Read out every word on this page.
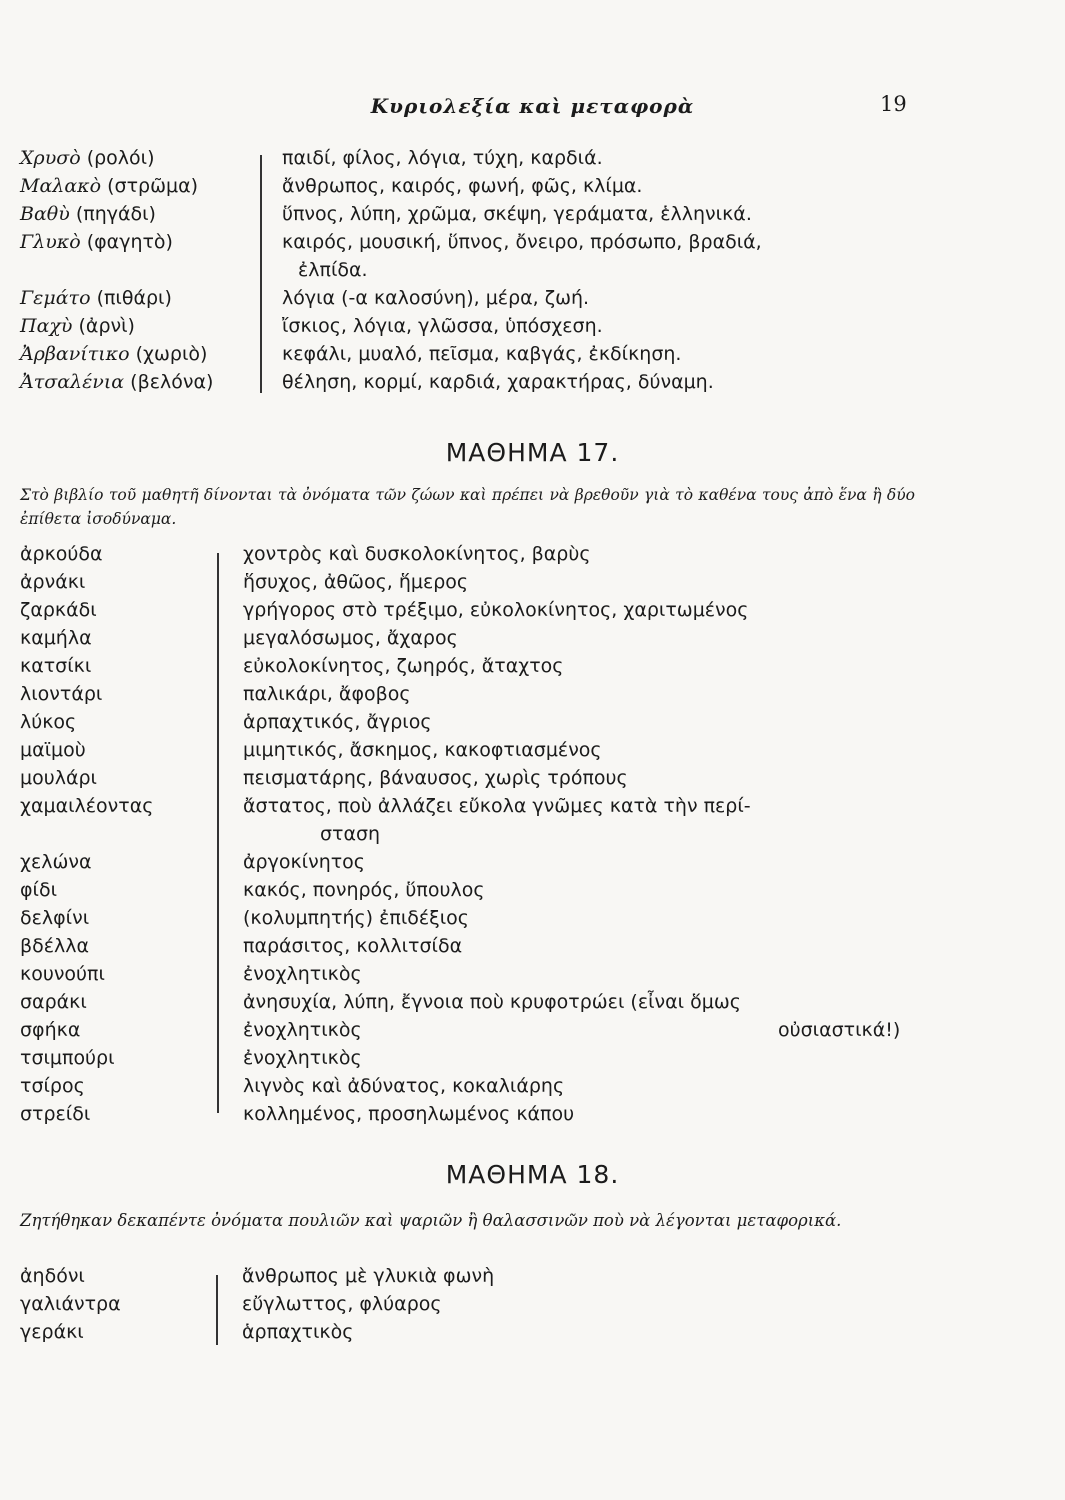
Κυριολεξία καὶ μεταφορὰ	19
Χρυσὸ (ρολόι)	παιδί, φίλος, λόγια, τύχη, καρδιά.
Μαλακὸ (στρῶμα)	ἄνθρωπος, καιρός, φωνή, φῶς, κλίμα.
Βαθὺ (πηγάδι)	ὕπνος, λύπη, χρῶμα, σκέψη, γεράματα, ἑλληνικά.
Γλυκὸ (φαγητὸ)	καιρός, μουσική, ὕπνος, ὄνειρο, πρόσωπο, βραδιά,
ἐλπίδα.
Γεμάτο (πιθάρι)	λόγια (-α καλοσύνη), μέρα, ζωή.
Παχὺ (ἀρνὶ)	ἴσκιος, λόγια, γλῶσσα, ὑπόσχεση.
Ἀρβανίτικο (χωριὸ)	κεφάλι, μυαλό, πεῖσμα, καβγάς, ἐκδίκηση.
Ἀτσαλένια (βελόνα)	θέληση, κορμί, καρδιά, χαρακτήρας, δύναμη.
ΜΑΘΗΜΑ 17.
Στὸ βιβλίο τοῦ μαθητῆ δίνονται τὰ ὀνόματα τῶν ζώων καὶ πρέπει νὰ βρεθοῦν γιὰ τὸ καθένα τους ἀπὸ ἕνα ἢ δύο ἐπίθετα ἰσοδύναμα.
ἀρκούδα	χοντρὸς καὶ δυσκολοκίνητος, βαρὺς
ἀρνάκι	ἥσυχος, ἀθῶος, ἥμερος
ζαρκάδι	γρήγορος στὸ τρέξιμο, εὐκολοκίνητος, χαριτωμένος
καμήλα	μεγαλόσωμος, ἄχαρος
κατσίκι	εὐκολοκίνητος, ζωηρός, ἄταχτος
λιοντάρι	παλικάρι, ἄφοβος
λύκος	ἁρπαχτικός, ἄγριος
μαϊμοὺ	μιμητικός, ἄσκημος, κακοφτιασμένος
μουλάρι	πεισματάρης, βάναυσος, χωρὶς τρόπους
χαμαιλέοντας	ἄστατος, ποὺ ἀλλάζει εὔκολα γνῶμες κατὰ τὴν περί-
σταση
χελώνα	ἀργοκίνητος
φίδι	κακός, πονηρός, ὕπουλος
δελφίνι	(κολυμπητής) ἐπιδέξιος
βδέλλα	παράσιτος, κολλιτσίδα
κουνούπι	ἐνοχλητικὸς
σαράκι	ἀνησυχία, λύπη, ἔγνοια ποὺ κρυφοτρώει (εἶναι ὅμως
σφήκα	ἐνοχλητικὸς	οὐσιαστικά!)
τσιμπούρι	ἐνοχλητικὸς
τσίρος	λιγνὸς καὶ ἀδύνατος, κοκαλιάρης
στρείδι	κολλημένος, προσηλωμένος κάπου
ΜΑΘΗΜΑ 18.
Ζητήθηκαν δεκαπέντε ὀνόματα πουλιῶν καὶ ψαριῶν ἢ θαλασσινῶν ποὺ νὰ λέγονται μεταφορικά.
ἀηδόνι	ἄνθρωπος μὲ γλυκιὰ φωνὴ
γαλιάντρα	εὔγλωττος, φλύαρος
γεράκι	ἁρπαχτικὸς
